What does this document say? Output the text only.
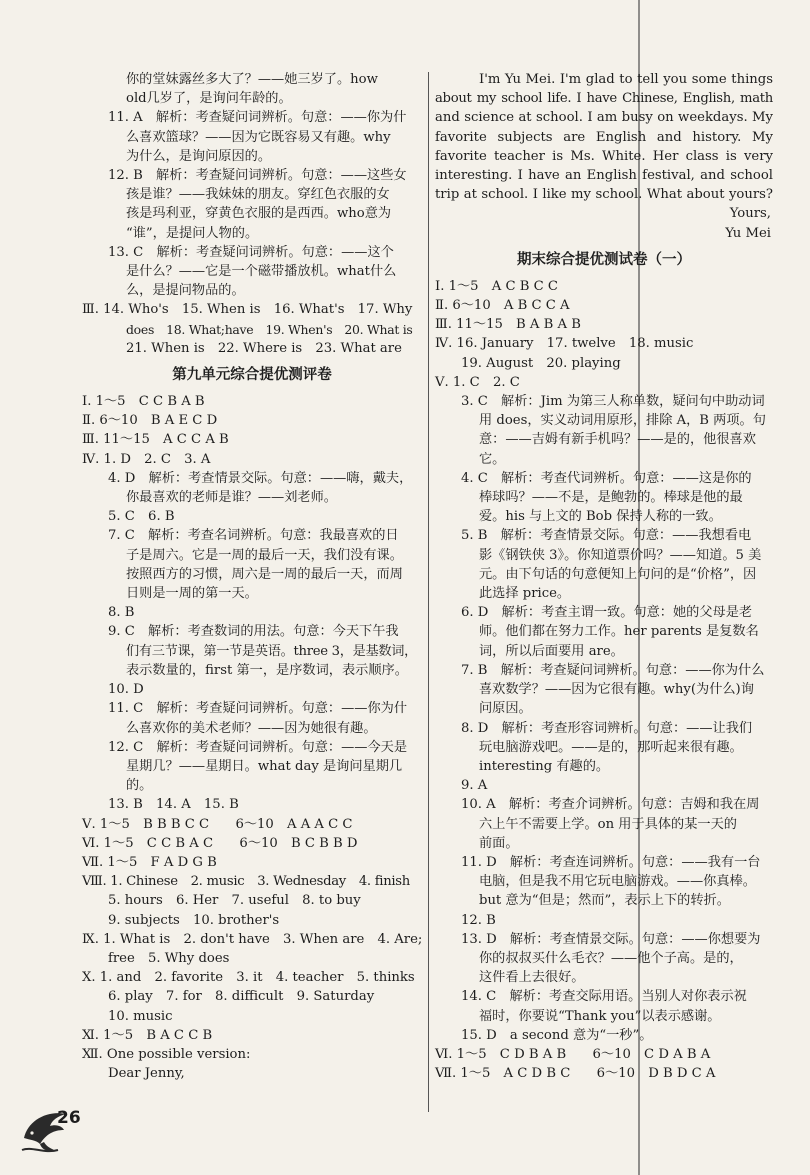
你的堂妹露丝多大了？——她三岁了。how
old几岁了，是询问年龄的。
11. A　解析：考查疑问词辨析。句意：——你为什
么喜欢篮球？——因为它既容易又有趣。why
为什么，是询问原因的。
12. B　解析：考查疑问词辨析。句意：——这些女
孩是谁？——我妹妹的朋友。穿红色衣服的女
孩是玛利亚，穿黄色衣服的是西西。who意为
“谁”，是提问人物的。
13. C　解析：考查疑问词辨析。句意：——这个
是什么？——它是一个磁带播放机。what什么
么，是提问物品的。
Ⅲ. 14. Who's　15. When is　16. What's　17. Why
does　18. What;have　19. When's　20. What is
21. When is　22. Where is　23. What are
第九单元综合提优测评卷
Ⅰ. 1～5　C C B A B
Ⅱ. 6～10　B A E C D
Ⅲ. 11～15　A C C A B
Ⅳ. 1. D　2. C　3. A
4. D　解析：考查情景交际。句意：——嗨，戴夫，
你最喜欢的老师是谁？——刘老师。
5. C　6. B
7. C　解析：考查名词辨析。句意：我最喜欢的日
子是周六。它是一周的最后一天，我们没有课。
按照西方的习惯，周六是一周的最后一天，而周
日则是一周的第一天。
8. B
9. C　解析：考查数词的用法。句意：今天下午我
们有三节课，第一节是英语。three 3，是基数词，
表示数量的，first 第一，是序数词，表示顺序。
10. D
11. C　解析：考查疑问词辨析。句意：——你为什
么喜欢你的美术老师？——因为她很有趣。
12. C　解析：考查疑问词辨析。句意：——今天是
星期几？——星期日。what day 是询问星期几
的。
13. B　14. A　15. B
Ⅴ. 1～5　B B B C C　　6～10　A A A C C
Ⅵ. 1～5　C C B A C　　6～10　B C B B D
Ⅶ. 1～5　F A D G B
Ⅷ. 1. Chinese　2. music　3. Wednesday　4. finish
5. hours　6. Her　7. useful　8. to buy
9. subjects　10. brother's
Ⅸ. 1. What is　2. don't have　3. When are　4. Are;
free　5. Why does
Ⅹ. 1. and　2. favorite　3. it　4. teacher　5. thinks
6. play　7. for　8. difficult　9. Saturday
10. music
Ⅺ. 1～5　B A C C B
Ⅻ. One possible version:
Dear Jenny,
I'm Yu Mei. I'm glad to tell you some things
about my school life. I have Chinese, English, math
and science at school. I am busy on weekdays. My
favorite subjects are English and history. My
favorite teacher is Ms. White. Her class is very
interesting. I have an English festival, and school
trip at school. I like my school. What about yours?
Yours,
Yu Mei
期末综合提优测试卷（一）
Ⅰ. 1～5　A C B C C
Ⅱ. 6～10　A B C C A
Ⅲ. 11～15　B A B A B
Ⅳ. 16. January　17. twelve　18. music
19. August　20. playing
Ⅴ. 1. C　2. C
3. C　解析：Jim 为第三人称单数，疑问句中助动词
用 does，实义动词用原形，排除 A，B 两项。句
意：——吉姆有新手机吗？——是的，他很喜欢
它。
4. C　解析：考查代词辨析。句意：——这是你的
棒球吗？——不是，是鲍勃的。棒球是他的最
爱。his 与上文的 Bob 保持人称的一致。
5. B　解析：考查情景交际。句意：——我想看电
影《钢铁侠 3》。你知道票价吗？——知道。5 美
元。由下句话的句意便知上句问的是“价格”，因
此选择 price。
6. D　解析：考查主谓一致。句意：她的父母是老
师。他们都在努力工作。her parents 是复数名
词，所以后面要用 are。
7. B　解析：考查疑问词辨析。句意：——你为什么
喜欢数学？——因为它很有趣。why(为什么)询
问原因。
8. D　解析：考查形容词辨析。句意：——让我们
玩电脑游戏吧。——是的，那听起来很有趣。
interesting 有趣的。
9. A
10. A　解析：考查介词辨析。句意：吉姆和我在周
六上午不需要上学。on 用于具体的某一天的
前面。
11. D　解析：考查连词辨析。句意：——我有一台
电脑，但是我不用它玩电脑游戏。——你真棒。
but 意为“但是；然而”，表示上下的转折。
12. B
13. D　解析：考查情景交际。句意：——你想要为
你的叔叔买什么毛衣？——他个子高。是的，
这件看上去很好。
14. C　解析：考查交际用语。当别人对你表示祝
福时，你要说“Thank you”以表示感谢。
15. D　a second 意为“一秒”。
Ⅵ. 1～5　C D B A B　　6～10　C D A B A
Ⅶ. 1～5　A C D B C　　6～10　D B D C A
26
